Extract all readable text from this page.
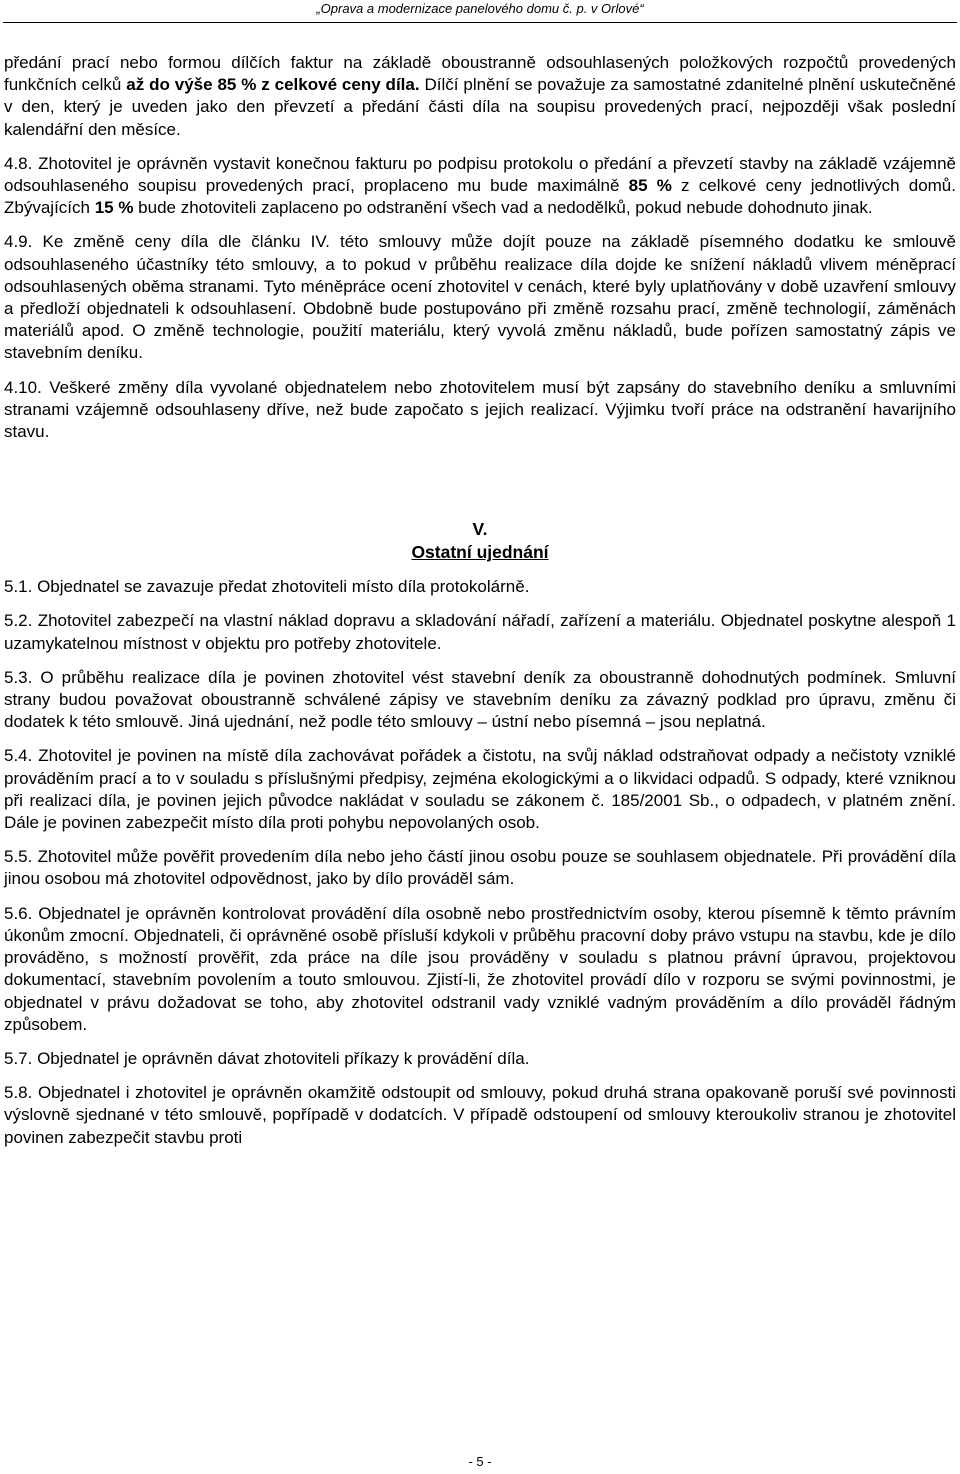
„Oprava a modernizace panelového domu č. p. v Orlové“

předání prací nebo formou dílčích faktur na základě oboustranně odsouhlasených položkových rozpočtů provedených funkčních celků až do výše 85 % z celkové ceny díla. Dílčí plnění se považuje za samostatné zdanitelné plnění uskutečněné v den, který je uveden jako den převzetí a předání části díla na soupisu provedených prací, nejpozději však poslední kalendářní den měsíce.

4.8. Zhotovitel je oprávněn vystavit konečnou fakturu po podpisu protokolu o předání a převzetí stavby na základě vzájemně odsouhlaseného soupisu provedených prací, proplaceno mu bude maximálně 85 % z celkové ceny jednotlivých domů. Zbývajících 15 % bude zhotoviteli zaplaceno po odstranění všech vad a nedodělků, pokud nebude dohodnuto jinak.

4.9. Ke změně ceny díla dle článku IV. této smlouvy může dojít pouze na základě písemného dodatku ke smlouvě odsouhlaseného účastníky této smlouvy, a to pokud v průběhu realizace díla dojde ke snížení nákladů vlivem méněprací odsouhlasených oběma stranami. Tyto méněpráce ocení zhotovitel v cenách, které byly uplatňovány v době uzavření smlouvy a předloží objednateli k odsouhlasení. Obdobně bude postupováno při změně rozsahu prací, změně technologií, záměnách materiálů apod. O změně technologie, použití materiálu, který vyvolá změnu nákladů, bude pořízen samostatný zápis ve stavebním deníku.

4.10. Veškeré změny díla vyvolané objednatelem nebo zhotovitelem musí být zapsány do stavebního deníku a smluvními stranami vzájemně odsouhlaseny dříve, než bude započato s jejich realizací. Výjimku tvoří práce na odstranění havarijního stavu.

V.
Ostatní ujednání

5.1. Objednatel se zavazuje předat zhotoviteli místo díla protokolárně.

5.2. Zhotovitel zabezpečí na vlastní náklad dopravu a skladování nářadí, zařízení a materiálu. Objednatel poskytne alespoň 1 uzamykatelnou místnost v objektu pro potřeby zhotovitele.

5.3. O průběhu realizace díla je povinen zhotovitel vést stavební deník za oboustranně dohodnutých podmínek. Smluvní strany budou považovat oboustranně schválené zápisy ve stavebním deníku za závazný podklad pro úpravu, změnu či dodatek k této smlouvě. Jiná ujednání, než podle této smlouvy – ústní nebo písemná – jsou neplatná.

5.4. Zhotovitel je povinen na místě díla zachovávat pořádek a čistotu, na svůj náklad odstraňovat odpady a nečistoty vzniklé prováděním prací a to v souladu s příslušnými předpisy, zejména ekologickými a o likvidaci odpadů. S odpady, které vzniknou při realizaci díla, je povinen jejich původce nakládat v souladu se zákonem č. 185/2001 Sb., o odpadech, v platném znění. Dále je povinen zabezpečit místo díla proti pohybu nepovolaných osob.

5.5. Zhotovitel může pověřit provedením díla nebo jeho částí jinou osobu pouze se souhlasem objednatele. Při provádění díla jinou osobou má zhotovitel odpovědnost, jako by dílo prováděl sám.

5.6. Objednatel je oprávněn kontrolovat provádění díla osobně nebo prostřednictvím osoby, kterou písemně k těmto právním úkonům zmocní. Objednateli, či oprávněné osobě přísluší kdykoli v průběhu pracovní doby právo vstupu na stavbu, kde je dílo prováděno, s možností prověřit, zda práce na díle jsou prováděny v souladu s platnou právní úpravou, projektovou dokumentací, stavebním povolením a touto smlouvou. Zjistí-li, že zhotovitel provádí dílo v rozporu se svými povinnostmi, je objednatel v právu dožadovat se toho, aby zhotovitel odstranil vady vzniklé vadným prováděním a dílo prováděl řádným způsobem.

5.7. Objednatel je oprávněn dávat zhotoviteli příkazy k provádění díla.

5.8. Objednatel i zhotovitel je oprávněn okamžitě odstoupit od smlouvy, pokud druhá strana opakovaně poruší své povinnosti výslovně sjednané v této smlouvě, popřípadě v dodatcích. V případě odstoupení od smlouvy kteroukoliv stranou je zhotovitel povinen zabezpečit stavbu proti

- 5 -
